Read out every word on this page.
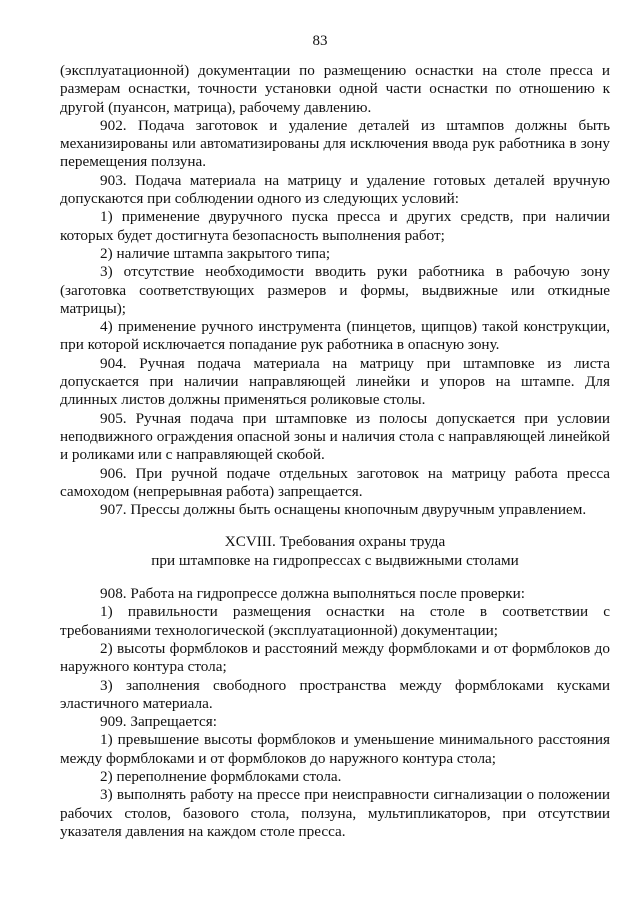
83

(эксплуатационной) документации по размещению оснастки на столе пресса и размерам оснастки, точности установки одной части оснастки по отношению к другой (пуансон, матрица), рабочему давлению.

902. Подача заготовок и удаление деталей из штампов должны быть механизированы или автоматизированы для исключения ввода рук работника в зону перемещения ползуна.

903. Подача материала на матрицу и удаление готовых деталей вручную допускаются при соблюдении одного из следующих условий:

1) применение двуручного пуска пресса и других средств, при наличии которых будет достигнута безопасность выполнения работ;

2) наличие штампа закрытого типа;

3) отсутствие необходимости вводить руки работника в рабочую зону (заготовка соответствующих размеров и формы, выдвижные или откидные матрицы);

4) применение ручного инструмента (пинцетов, щипцов) такой конструкции, при которой исключается попадание рук работника в опасную зону.

904. Ручная подача материала на матрицу при штамповке из листа допускается при наличии направляющей линейки и упоров на штампе. Для длинных листов должны применяться роликовые столы.

905. Ручная подача при штамповке из полосы допускается при условии неподвижного ограждения опасной зоны и наличия стола с направляющей линейкой и роликами или с направляющей скобой.

906. При ручной подаче отдельных заготовок на матрицу работа пресса самоходом (непрерывная работа) запрещается.

907. Прессы должны быть оснащены кнопочным двуручным управлением.

XCVIII. Требования охраны труда
при штамповке на гидропрессах с выдвижными столами

908. Работа на гидропрессе должна выполняться после проверки:

1) правильности размещения оснастки на столе в соответствии с требованиями технологической (эксплуатационной) документации;

2) высоты формблоков и расстояний между формблоками и от формблоков до наружного контура стола;

3) заполнения свободного пространства между формблоками кусками эластичного материала.

909. Запрещается:

1) превышение высоты формблоков и уменьшение минимального расстояния между формблоками и от формблоков до наружного контура стола;

2) переполнение формблоками стола.

3) выполнять работу на прессе при неисправности сигнализации о положении рабочих столов, базового стола, ползуна, мультипликаторов, при отсутствии указателя давления на каждом столе пресса.
